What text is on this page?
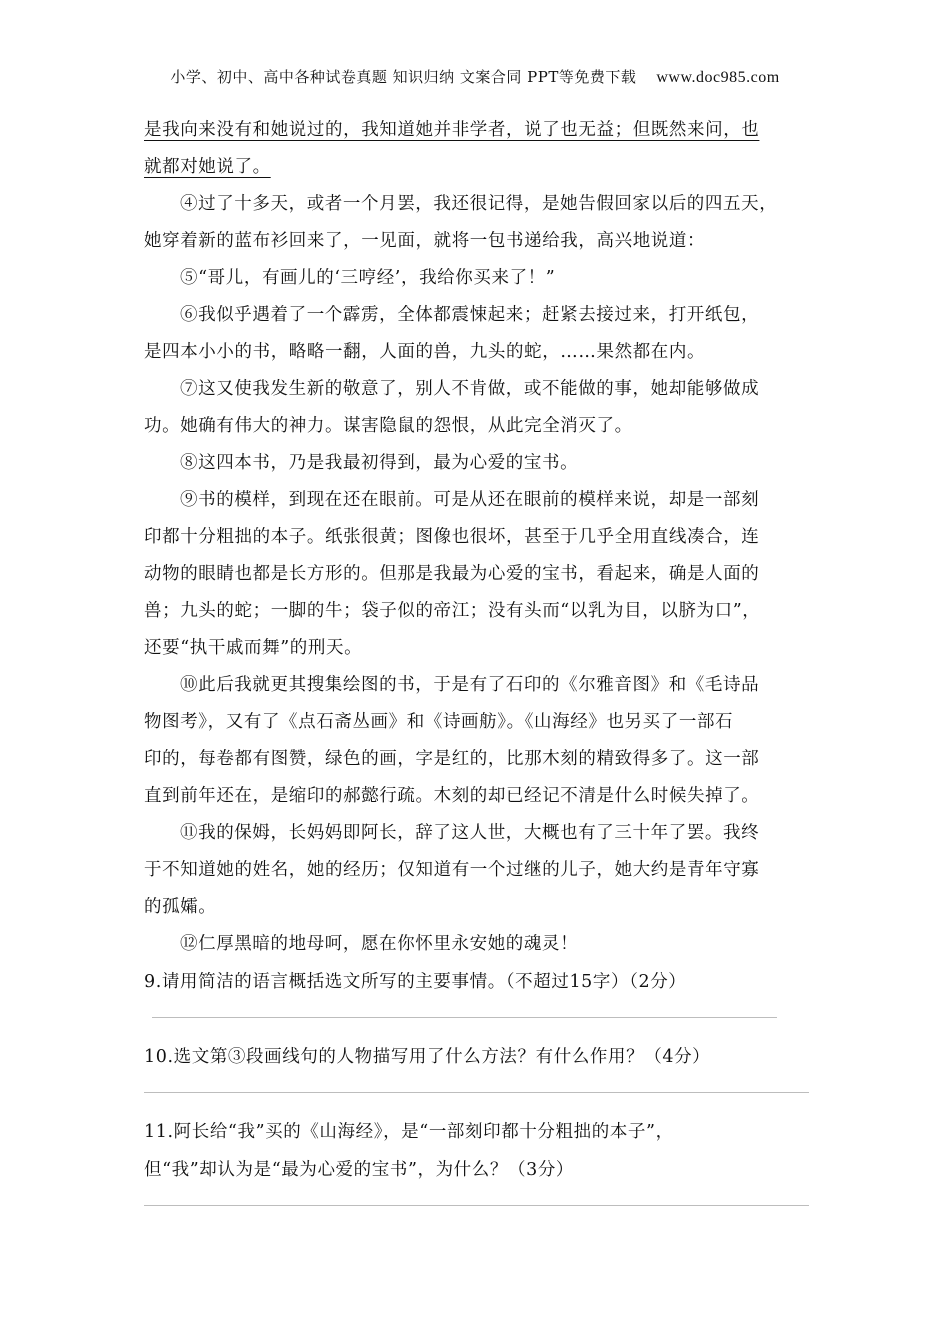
小学、初中、高中各种试卷真题 知识归纳 文案合同 PPT等免费下载 www.doc985.com
是我向来没有和她说过的，我知道她并非学者，说了也无益；但既然来问，也
就都对她说了。
④过了十多天，或者一个月罢，我还很记得，是她告假回家以后的四五天，
她穿着新的蓝布衫回来了，一见面，就将一包书递给我，高兴地说道：
⑤“哥儿，有画儿的‘三哼经’，我给你买来了！”
⑥我似乎遇着了一个霹雳，全体都震悚起来；赶紧去接过来，打开纸包，
是四本小小的书，略略一翻，人面的兽，九头的蛇，……果然都在内。
⑦这又使我发生新的敬意了，别人不肯做，或不能做的事，她却能够做成
功。她确有伟大的神力。谋害隐鼠的怨恨，从此完全消灭了。
⑧这四本书，乃是我最初得到，最为心爱的宝书。
⑨书的模样，到现在还在眼前。可是从还在眼前的模样来说，却是一部刻
印都十分粗拙的本子。纸张很黄；图像也很坏，甚至于几乎全用直线凑合，连
动物的眼睛也都是长方形的。但那是我最为心爱的宝书，看起来，确是人面的
兽；九头的蛇；一脚的牛；袋子似的帝江；没有头而“以乳为目，以脐为口”，
还要“执干戚而舞”的刑天。
⑩此后我就更其搜集绘图的书，于是有了石印的《尔雅音图》和《毛诗品
物图考》，又有了《点石斋丛画》和《诗画舫》。《山海经》也另买了一部石
印的，每卷都有图赞，绿色的画，字是红的，比那木刻的精致得多了。这一部
直到前年还在，是缩印的郝懿行疏。木刻的却已经记不清是什么时候失掉了。
⑪我的保姆，长妈妈即阿长，辞了这人世，大概也有了三十年了罢。我终
于不知道她的姓名，她的经历；仅知道有一个过继的儿子，她大约是青年守寡
的孤孀。
⑫仁厚黑暗的地母呵，愿在你怀里永安她的魂灵！
9.请用简洁的语言概括选文所写的主要事情。（不超过15字）（2分）
10.选文第③段画线句的人物描写用了什么方法？有什么作用？（4分）
11.阿长给“我”买的《山海经》，是“一部刻印都十分粗拙的本子”，
但“我”却认为是“最为心爱的宝书”，为什么？（3分）
